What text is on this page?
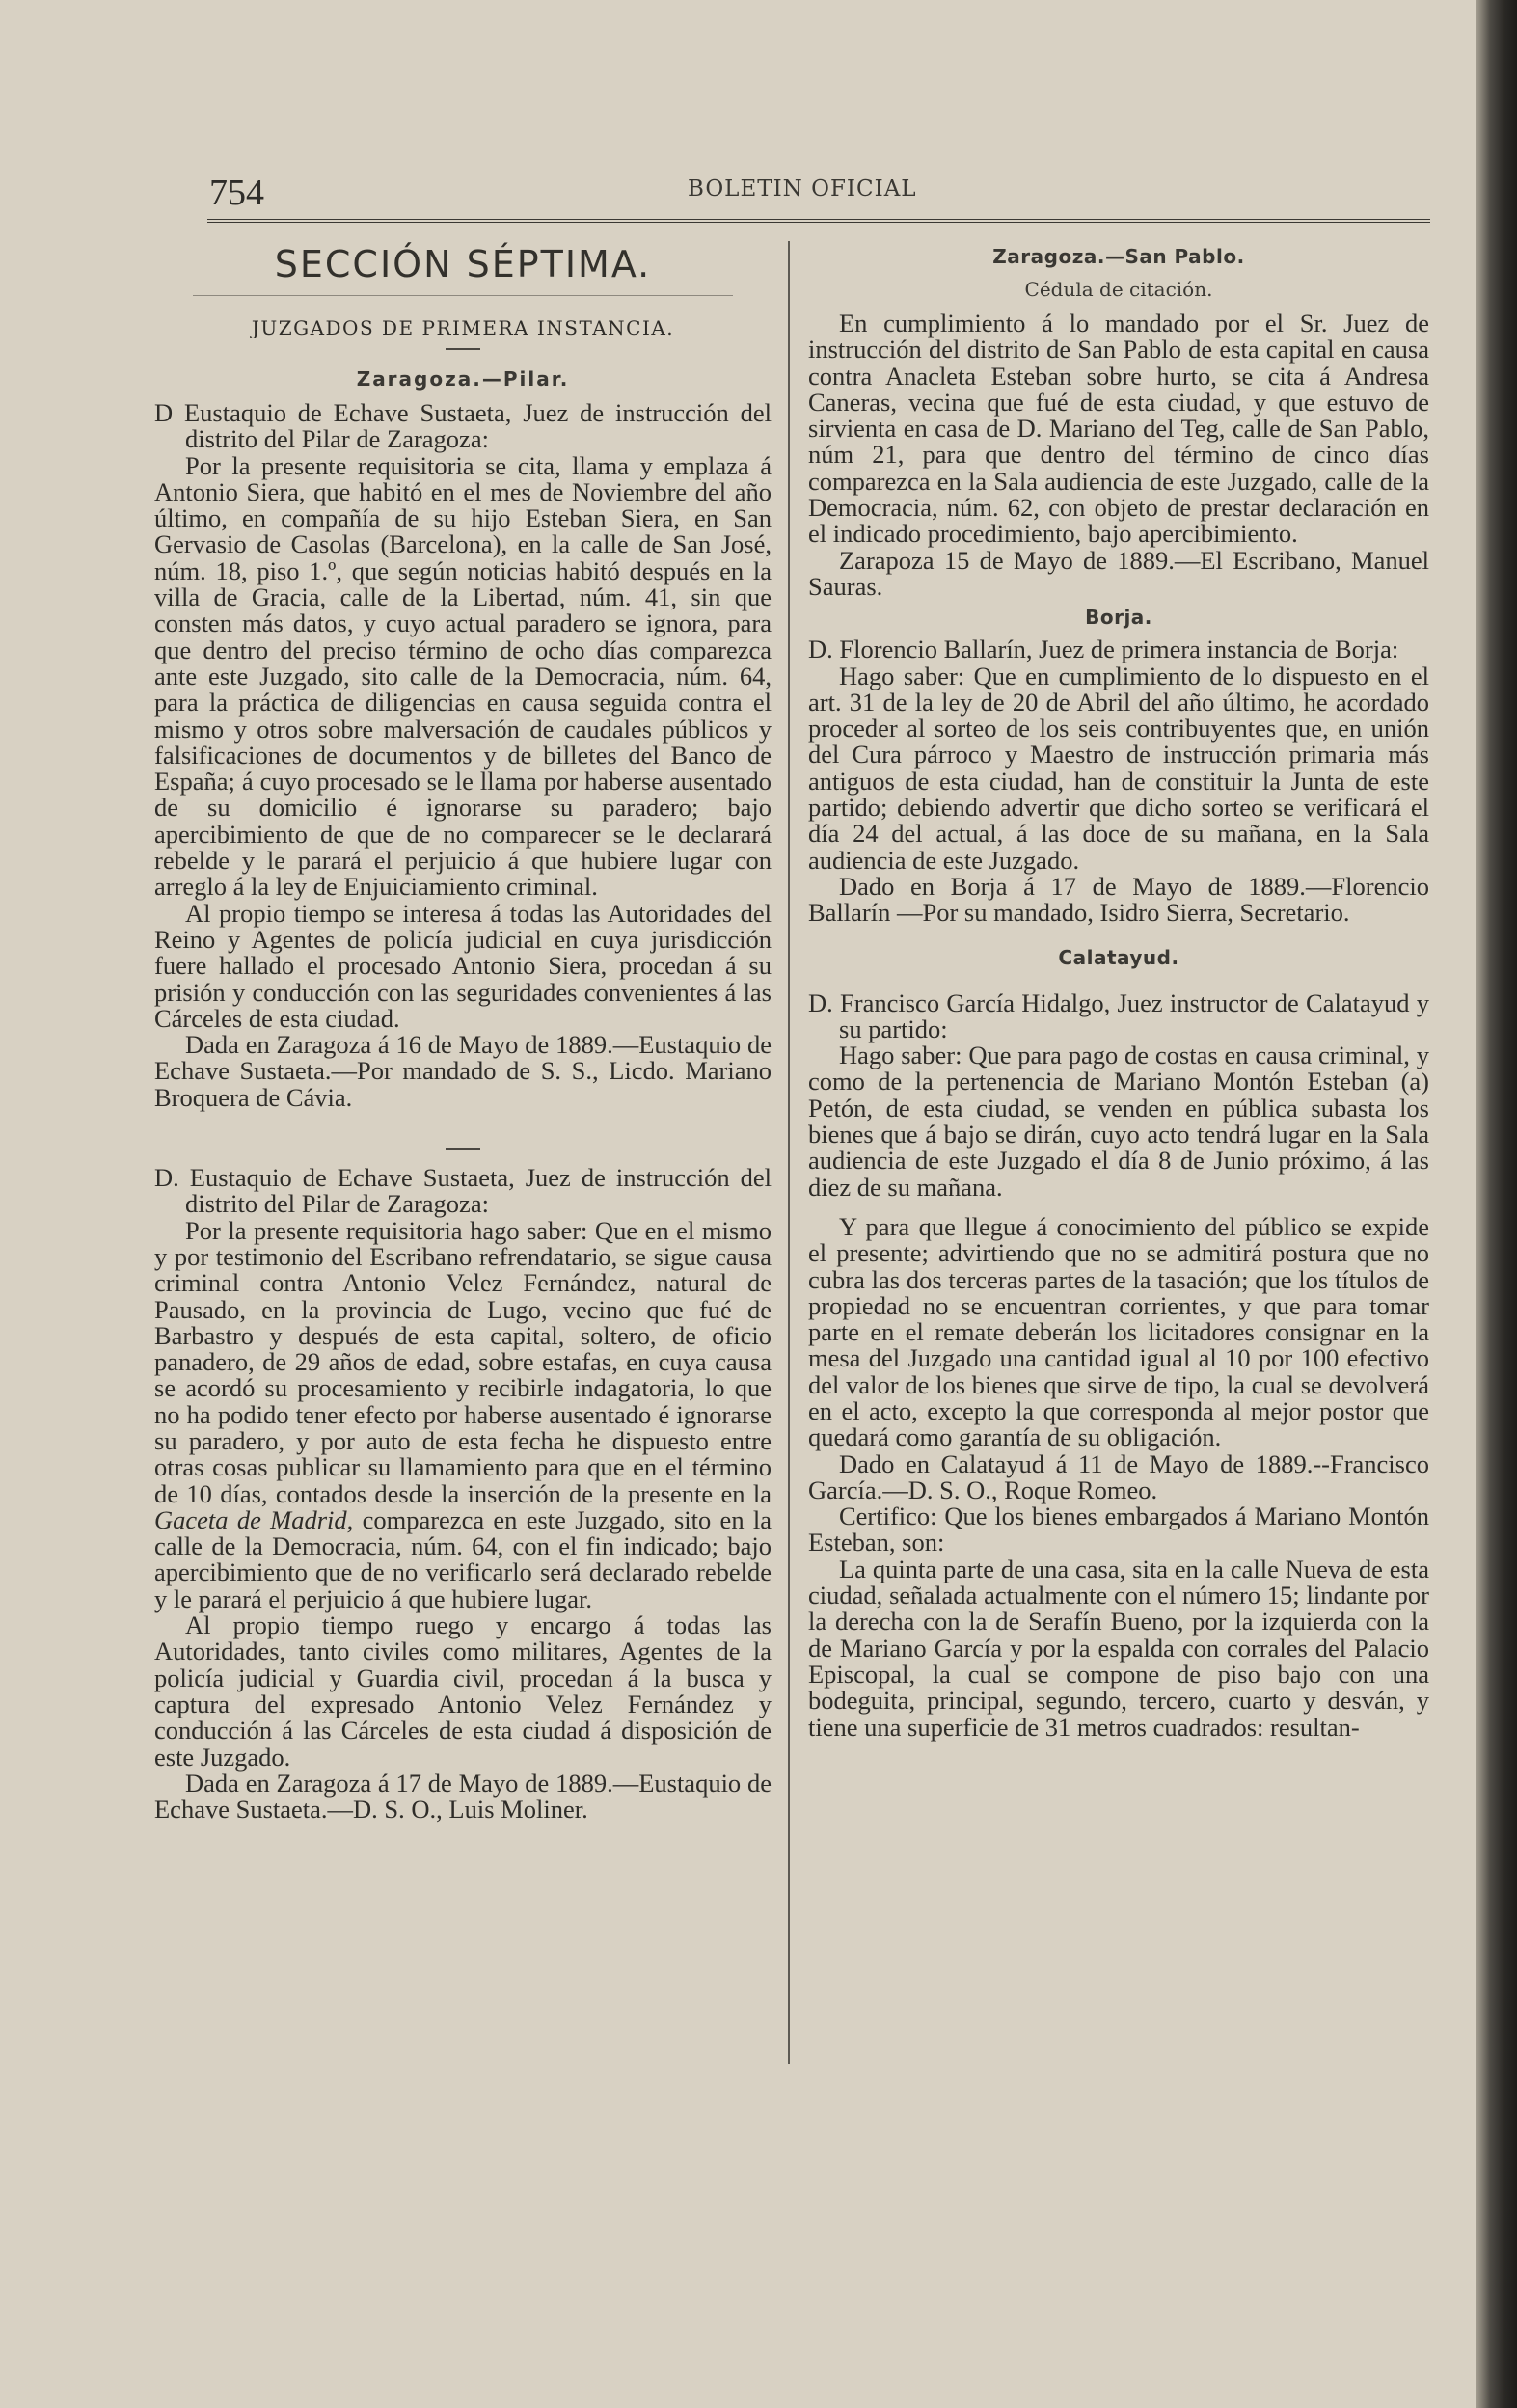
754	BOLETIN OFICIAL
SECCIÓN SÉPTIMA.
JUZGADOS DE PRIMERA INSTANCIA.
Zaragoza.—Pilar.

D Eustaquio de Echave Sustaeta, Juez de instrucción del distrito del Pilar de Zaragoza:

Por la presente requisitoria se cita, llama y emplaza á Antonio Siera, que habitó en el mes de Noviembre del año último, en compañía de su hijo Esteban Siera, en San Gervasio de Casolas (Barcelona), en la calle de San José, núm. 18, piso 1.º, que según noticias habitó después en la villa de Gracia, calle de la Libertad, núm. 41, sin que consten más datos, y cuyo actual paradero se ignora, para que dentro del preciso término de ocho días comparezca ante este Juzgado, sito calle de la Democracia, núm. 64, para la práctica de diligencias en causa seguida contra el mismo y otros sobre malversación de caudales públicos y falsificaciones de documentos y de billetes del Banco de España; á cuyo procesado se le llama por haberse ausentado de su domicilio é ignorarse su paradero; bajo apercibimiento de que de no comparecer se le declarará rebelde y le parará el perjuicio á que hubiere lugar con arreglo á la ley de Enjuiciamiento criminal.

Al propio tiempo se interesa á todas las Autoridades del Reino y Agentes de policía judicial en cuya jurisdicción fuere hallado el procesado Antonio Siera, procedan á su prisión y conducción con las seguridades convenientes á las Cárceles de esta ciudad.

Dada en Zaragoza á 16 de Mayo de 1889.—Eustaquio de Echave Sustaeta.—Por mandado de S. S., Licdo. Mariano Broquera de Cávia.

D. Eustaquio de Echave Sustaeta, Juez de instrucción del distrito del Pilar de Zaragoza:

Por la presente requisitoria hago saber: Que en el mismo y por testimonio del Escribano refrendatario, se sigue causa criminal contra Antonio Velez Fernández, natural de Pausado, en la provincia de Lugo, vecino que fué de Barbastro y después de esta capital, soltero, de oficio panadero, de 29 años de edad, sobre estafas, en cuya causa se acordó su procesamiento y recibirle indagatoria, lo que no ha podido tener efecto por haberse ausentado é ignorarse su paradero, y por auto de esta fecha he dispuesto entre otras cosas publicar su llamamiento para que en el término de 10 días, contados desde la inserción de la presente en la Gaceta de Madrid, comparezca en este Juzgado, sito en la calle de la Democracia, núm. 64, con el fin indicado; bajo apercibimiento que de no verificarlo será declarado rebelde y le parará el perjuicio á que hubiere lugar.

Al propio tiempo ruego y encargo á todas las Autoridades, tanto civiles como militares, Agentes de la policía judicial y Guardia civil, procedan á la busca y captura del expresado Antonio Velez Fernández y conducción á las Cárceles de esta ciudad á disposición de este Juzgado.

Dada en Zaragoza á 17 de Mayo de 1889.—Eustaquio de Echave Sustaeta.—D. S. O., Luis Moliner.

Zaragoza.—San Pablo.
Cédula de citación.

En cumplimiento á lo mandado por el Sr. Juez de instrucción del distrito de San Pablo de esta capital en causa contra Anacleta Esteban sobre hurto, se cita á Andresa Caneras, vecina que fué de esta ciudad, y que estuvo de sirvienta en casa de D. Mariano del Teg, calle de San Pablo, núm 21, para que dentro del término de cinco días comparezca en la Sala audiencia de este Juzgado, calle de la Democracia, núm. 62, con objeto de prestar declaración en el indicado procedimiento, bajo apercibimiento.

Zarapoza 15 de Mayo de 1889.—El Escribano, Manuel Sauras.

Borja.

D. Florencio Ballarín, Juez de primera instancia de Borja:

Hago saber: Que en cumplimiento de lo dispuesto en el art. 31 de la ley de 20 de Abril del año último, he acordado proceder al sorteo de los seis contribuyentes que, en unión del Cura párroco y Maestro de instrucción primaria más antiguos de esta ciudad, han de constituir la Junta de este partido; debiendo advertir que dicho sorteo se verificará el día 24 del actual, á las doce de su mañana, en la Sala audiencia de este Juzgado.

Dado en Borja á 17 de Mayo de 1889.—Florencio Ballarín —Por su mandado, Isidro Sierra, Secretario.

Calatayud.

D. Francisco García Hidalgo, Juez instructor de Calatayud y su partido:

Hago saber: Que para pago de costas en causa criminal, y como de la pertenencia de Mariano Montón Esteban (a) Petón, de esta ciudad, se venden en pública subasta los bienes que á bajo se dirán, cuyo acto tendrá lugar en la Sala audiencia de este Juzgado el día 8 de Junio próximo, á las diez de su mañana.

Y para que llegue á conocimiento del público se expide el presente; advirtiendo que no se admitirá postura que no cubra las dos terceras partes de la tasación; que los títulos de propiedad no se encuentran corrientes, y que para tomar parte en el remate deberán los licitadores consignar en la mesa del Juzgado una cantidad igual al 10 por 100 efectivo del valor de los bienes que sirve de tipo, la cual se devolverá en el acto, excepto la que corresponda al mejor postor que quedará como garantía de su obligación.

Dado en Calatayud á 11 de Mayo de 1889.--Francisco García.—D. S. O., Roque Romeo.

Certifico: Que los bienes embargados á Mariano Montón Esteban, son:

La quinta parte de una casa, sita en la calle Nueva de esta ciudad, señalada actualmente con el número 15; lindante por la derecha con la de Serafín Bueno, por la izquierda con la de Mariano García y por la espalda con corrales del Palacio Episcopal, la cual se compone de piso bajo con una bodeguita, principal, segundo, tercero, cuarto y desván, y tiene una superficie de 31 metros cuadrados: resultan-
